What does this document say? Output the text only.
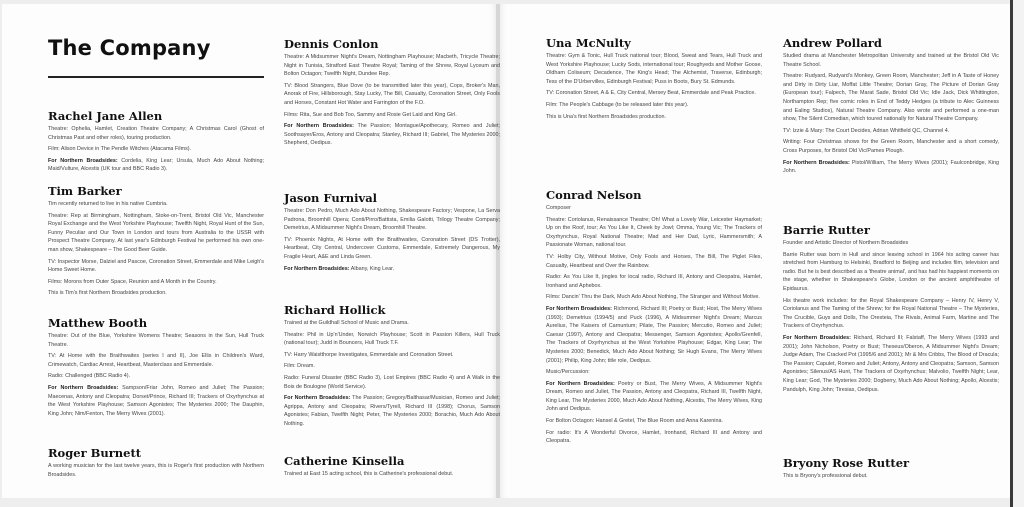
The Company
Rachel Jane Allen

Theatre: Ophelia, Hamlet, Creation Theatre Company; A Christmas Carol (Ghost of Christmas Past and other roles), touring production.

Film: Alison Device in The Pendle Witches (Atacama Films).

For Northern Broadsides: Cordelia, King Lear; Ursula, Much Ado About Nothing; Maid/Vulture, Alcestis (UK tour and BBC Radio 3).

Tim Barker

Tim recently returned to live in his native Cumbria.

Theatre: Rep at Birmingham, Nottingham, Stoke-on-Trent, Bristol Old Vic, Manchester Royal Exchange and the West Yorkshire Playhouse; Twelfth Night, Royal Hunt of the Sun, Funny Peculiar and Our Town in London and tours from Australia to the USSR with Prospect Theatre Company. At last year's Edinburgh Festival he performed his own one-man show, Shakespeare – The Good Beer Guide.

TV: Inspector Morse, Dalziel and Pascoe, Coronation Street, Emmerdale and Mike Leigh's Home Sweet Home.

Films: Morons from Outer Space, Reunion and A Month in the Country.

This is Tim's first Northern Broadsides production.

Matthew Booth

Theatre: Out of the Blue, Yorkshire Womens Theatre; Seasons in the Sun, Hull Truck Theatre.

TV: At Home with the Braithwaites (series I and II), Joe Ellis in Children's Ward, Crimewatch, Cardiac Arrest, Heartbeat, Masterclass and Emmerdale.

Radio: Challenged (BBC Radio 4).

For Northern Broadsides: Sampson/Friar John, Romeo and Juliet; The Passion; Maecenas, Antony and Cleopatra; Dorset/Prince, Richard III; Trackers of Oxyrhynchus at the West Yorkshire Playhouse; Samson Agonistes; The Mysteries 2000; The Dauphin, King John; Nim/Fenton, The Merry Wives (2001).

Roger Burnett

A working musician for the last twelve years, this is Roger's first production with Northern Broadsides.

Dennis Conlon

Theatre: A Midsummer Night's Dream, Nottingham Playhouse; Macbeth, Tricycle Theatre; Night in Tunisia, Stratford East Theatre Royal; Taming of the Shrew, Royal Lyceum and Bolton Octagon; Twelfth Night, Dundee Rep.

TV: Blood Strangers, Blue Dove (to be transmitted later this year), Cops, Broker's Man, Anorak of Fire, Hillsborough, Stay Lucky, The Bill, Casualty, Coronation Street, Only Fools and Horses, Constant Hot Water and Farrington of the F.O.

Films: Rita, Sue and Bob Too, Sammy and Rosie Get Laid and King Girl.

For Northern Broadsides: The Passion; Montague/Apothecary, Romeo and Juliet; Soothsayer/Eros, Antony and Cleopatra; Stanley, Richard III; Gabriel, The Mysteries 2000; Shepherd, Oedipus.

Jason Furnival

Theatre: Don Pedro, Much Ado About Nothing, Shakespeare Factory; Vespone, La Serva Padrona, Broomhill Opera; Conti/Pirro/Battista, Emilia Galotti, Trilogy Theatre Company; Demetrius, A Midsummer Night's Dream, Broomhill Theatre.

TV: Phoenix Nights, At Home with the Braithwaites, Coronation Street (DS Trotter), Heartbeat, City Central, Undercover Customs, Emmerdale, Extremely Dangerous, My Fragile Heart, A&E and Linda Green.

For Northern Broadsides: Albany, King Lear.

Richard Hollick

Trained at the Guildhall School of Music and Drama.

Theatre: Phil in Up'n'Under, Norwich Playhouse; Scott in Passion Killers, Hull Truck (national tour); Judd in Bouncers, Hull Truck T.F.

TV: Harry Waistthorpe Investigates, Emmerdale and Coronation Street.

Film: Dream.

Radio: Funeral Disaster (BBC Radio 3), Lost Empires (BBC Radio 4) and A Walk in the Bois de Boulogne (World Service).

For Northern Broadsides: The Passion; Gregory/Balthasar/Musician, Romeo and Juliet; Agrippa, Antony and Cleopatra; Rivers/Tyrell, Richard III (1998); Chorus, Samson Agonistes; Fabian, Twelfth Night; Peter, The Mysteries 2000; Borachio, Much Ado About Nothing.

Catherine Kinsella

Trained at East 15 acting school, this is Catherine's professional debut.

Una McNulty

Theatre: Gym & Tonic, Hull Truck national tour; Blood, Sweat and Tears, Hull Truck and West Yorkshire Playhouse; Lucky Sods, international tour; Roughyeds and Mother Goose, Oldham Coliseum; Decadence, The King's Head; The Alchemist, Traverse, Edinburgh; Tess of the D'Urbervilles, Edinburgh Festival; Puss in Boots, Bury St. Edmunds.

TV: Coronation Street, A & E, City Central, Mersey Beat, Emmerdale and Peak Practice.

Film: The People's Cabbage (to be released later this year).

This is Una's first Northern Broadsides production.

Conrad Nelson

Composer

Theatre: Coriolanus, Renaissance Theatre; Oh! What a Lovely War, Leicester Haymarket; Up on the Roof, tour; As You Like It, Cheek by Jowl; Omma, Young Vic; The Trackers of Oxyrhynchus, Royal National Theatre; Mad and Her Dad, Lyric, Hammersmith; A Passionate Woman, national tour.

TV: Holby City, Without Motive, Only Fools and Horses, The Bill, The Piglet Files, Casualty, Heartbeat and Over the Rainbow.

Radio: As You Like It, jingles for local radio, Richard III, Antony and Cleopatra, Hamlet, Ironhand and Aphebox.

Films: Dancin' Thru the Dark, Much Ado About Nothing, The Stranger and Without Motive.

For Northern Broadsides: Richmond, Richard III; Poetry or Bust; Host, The Merry Wives (1993); Demetrius (1994/5) and Puck (1996), A Midsummer Night's Dream; Marcus Aurelius, The Kaisers of Carnuntum; Pilate, The Passion; Mercutio, Romeo and Juliet; Caesar (1997), Antony and Cleopatra; Messenger, Samson Agonistes; Apollo/Grenfell, The Trackers of Oxyrhynchus at the West Yorkshire Playhouse; Edgar, King Lear; The Mysteries 2000; Benedick, Much Ado About Nothing; Sir Hugh Evans, The Merry Wives (2001); Philip, King John; title role, Oedipus.

Music/Percussion:

For Northern Broadsides: Poetry or Bust, The Merry Wives, A Midsummer Night's Dream, Romeo and Juliet, The Passion, Antony and Cleopatra, Richard III, Twelfth Night, King Lear, The Mysteries 2000, Much Ado About Nothing, Alcestis, The Merry Wives, King John and Oedipus.

For Bolton Octagon: Hansel & Gretel, The Blue Room and Anna Karenina.

For radio: It's A Wonderful Divorce, Hamlet, Ironhand, Richard III and Antony and Cleopatra.

Andrew Pollard

Studied drama at Manchester Metropolitan University and trained at the Bristol Old Vic Theatre School.

Theatre: Rudyard, Rudyard's Monkey, Green Room, Manchester; Jeff in A Taste of Honey and Dirty in Dirty Liar, Moffat Little Theatre; Dorian Gray, The Picture of Dorian Gray (European tour); Falpech, The Marat Sade, Bristol Old Vic; Idle Jack, Dick Whittington, Northampton Rep; five comic roles in End of Teddy Hedges (a tribute to Alec Guinness and Ealing Studios), Natural Theatre Company. Also wrote and performed a one-man show, The Silent Comedian, which toured nationally for Natural Theatre Company.

TV: Izzie & Mary: The Court Decides, Adrian Whitfield QC, Channel 4.

Writing: Four Christmas shows for the Green Room, Manchester and a short comedy, Cross Purposes, for Bristol Old Vic/Pames Plough.

For Northern Broadsides: Pistol/William, The Merry Wives (2001); Faulconbridge, King John.

Barrie Rutter

Founder and Artistic Director of Northern Broadsides

Barrie Rutter was born in Hull and since leaving school in 1964 his acting career has stretched from Hamburg to Helsinki, Bradford to Beijing and includes film, television and radio. But he is best described as a 'theatre animal', and has had his happiest moments on the stage, whether in Shakespeare's Globe, London or the ancient amphitheatre of Epidaurus.

His theatre work includes: for the Royal Shakespeare Company – Henry IV, Henry V, Coriolanus and The Taming of the Shrew; for the Royal National Theatre – The Mysteries, The Crucible, Guys and Dolls, The Oresteia, The Rivals, Animal Farm, Martine and The Trackers of Oxyrhynchus.

For Northern Broadsides: Richard, Richard III; Falstaff, The Merry Wives (1993 and 2001); John Nicholson, Poetry or Bust; Theseus/Oberon, A Midsummer Night's Dream; Judge Adam, The Cracked Pot (1995/6 and 2001); Mr & Mrs Cribbs, The Blood of Dracula; The Passion; Capulet, Romeo and Juliet; Antony, Antony and Cleopatra; Samson, Samson Agonistes; Silenus/AS Hunt, The Trackers of Oxyrhynchus; Malvolio, Twelfth Night; Lear, King Lear; God, The Mysteries 2000; Dogberry, Much Ado About Nothing; Apollo, Alcestis; Pandulph, King John; Tiresias, Oedipus.

Bryony Rose Rutter

This is Bryony's professional debut.
